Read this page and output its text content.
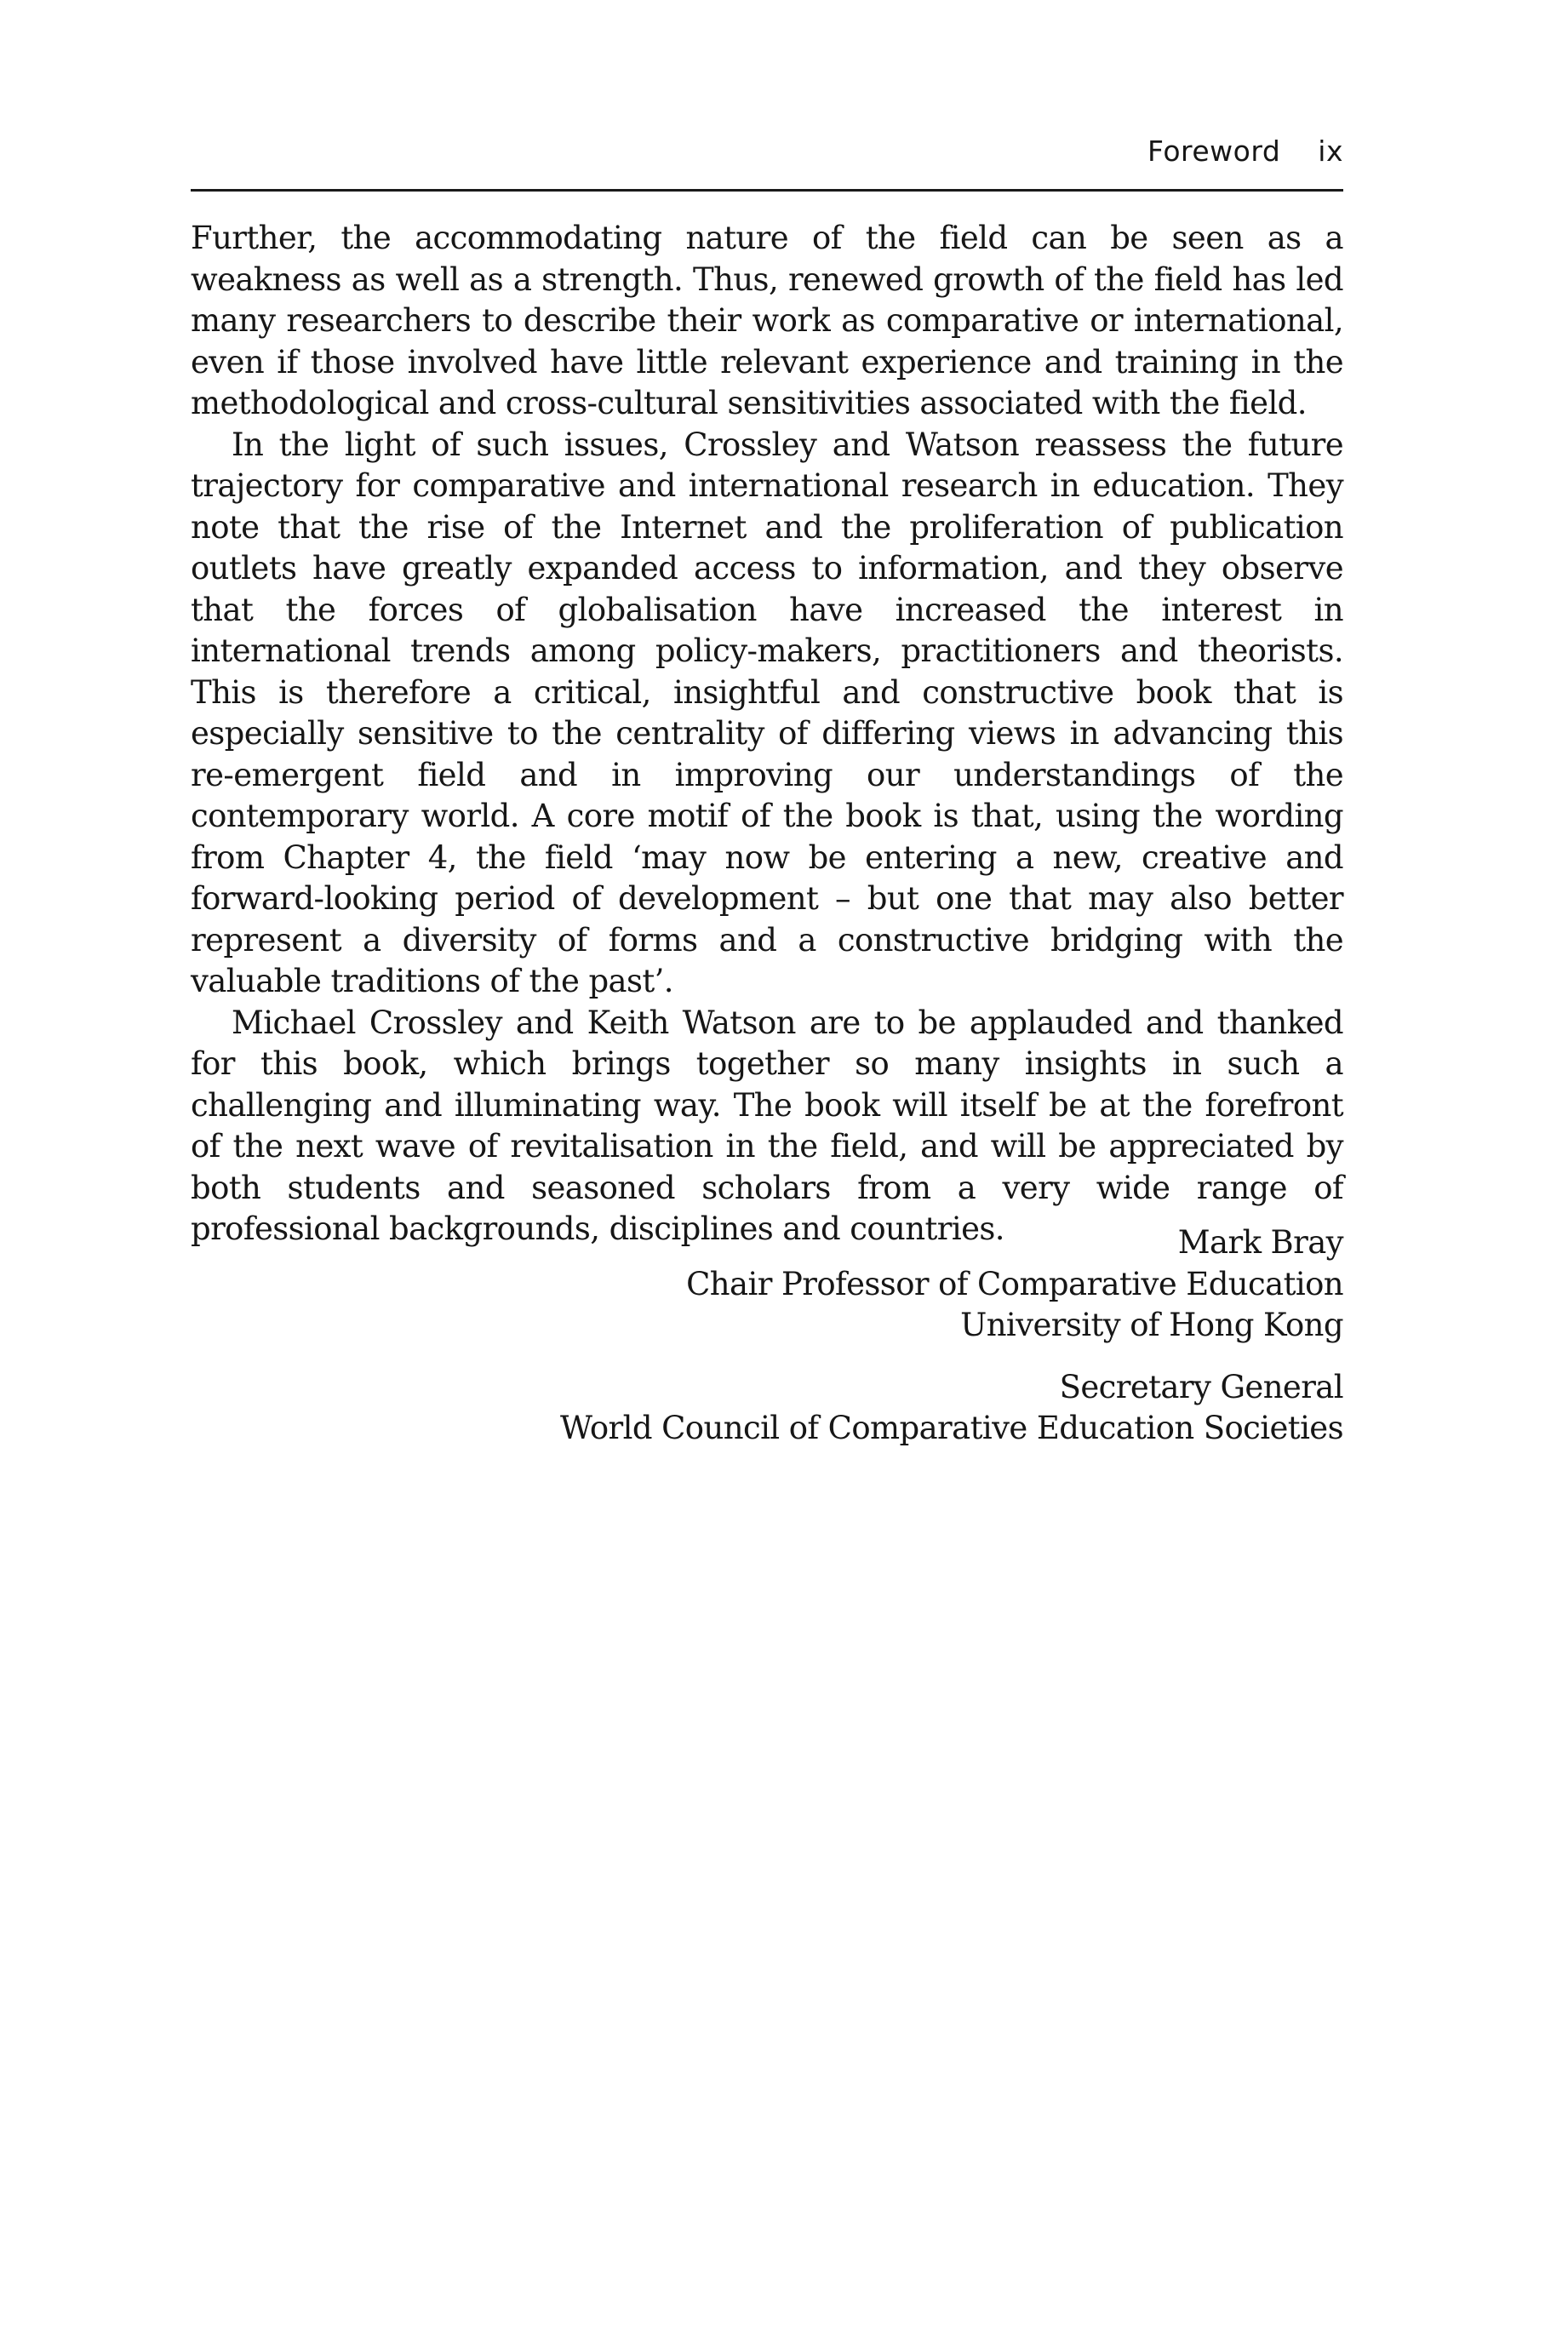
Foreword ix

Further, the accommodating nature of the field can be seen as a weakness as well as a strength. Thus, renewed growth of the field has led many researchers to describe their work as comparative or international, even if those involved have little relevant experience and training in the methodological and cross-cultural sensitivities associated with the field.

In the light of such issues, Crossley and Watson reassess the future trajectory for comparative and international research in education. They note that the rise of the Internet and the proliferation of publication outlets have greatly expanded access to information, and they observe that the forces of globalisation have increased the interest in international trends among policy-makers, practitioners and theorists. This is therefore a critical, insightful and constructive book that is especially sensitive to the centrality of differing views in advancing this re-emergent field and in improving our understandings of the contemporary world. A core motif of the book is that, using the wording from Chapter 4, the field ‘may now be entering a new, creative and forward-looking period of development – but one that may also better represent a diversity of forms and a constructive bridging with the valuable traditions of the past’.

Michael Crossley and Keith Watson are to be applauded and thanked for this book, which brings together so many insights in such a challenging and illuminating way. The book will itself be at the forefront of the next wave of revitalisation in the field, and will be appreciated by both students and seasoned scholars from a very wide range of professional backgrounds, disciplines and countries.	Mark Bray
Chair Professor of Comparative Education
University of Hong Kong
Secretary General
World Council of Comparative Education Societies
